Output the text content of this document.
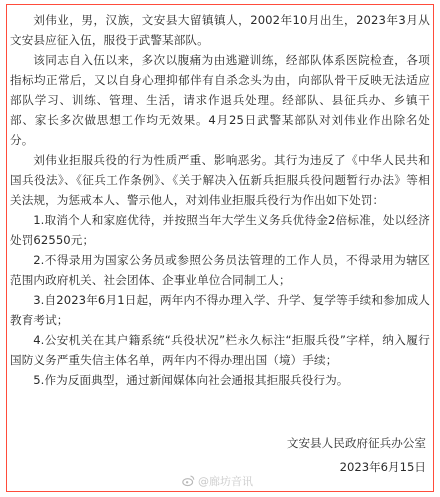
刘伟业，男，汉族，文安县大留镇镇人，2002年10月出生，2023年3月从文安县应征入伍，服役于武警某部队。

该同志自入伍以来，多次以腹痛为由逃避训练，经部队体系医院检查，各项指标均正常后，又以自身心理抑郁伴有自杀念头为由，向部队骨干反映无法适应部队学习、训练、管理、生活，请求作退兵处理。经部队、县征兵办、乡镇干部、家长多次做思想工作均无效果。4月25日武警某部队对刘伟业作出除名处分。

刘伟业拒服兵役的行为性质严重、影响恶劣。其行为违反了《中华人民共和国兵役法》、《征兵工作条例》、《关于解决入伍新兵拒服兵役问题暂行办法》等相关法规，为惩戒本人、警示他人，对刘伟业拒服兵役行为作出如下处罚：

1.取消个人和家庭优待，并按照当年大学生义务兵优待金2倍标准，处以经济处罚62550元；

2.不得录用为国家公务员或参照公务员法管理的工作人员，不得录用为辖区范围内政府机关、社会团体、企事业单位合同制工人；

3.自2023年6月1日起，两年内不得办理入学、升学、复学等手续和参加成人教育考试；

4.公安机关在其户籍系统“兵役状况”栏永久标注“拒服兵役”字样，纳入履行国防义务严重失信主体名单，两年内不得办理出国（境）手续；

5.作为反面典型，通过新闻媒体向社会通报其拒服兵役行为。

文安县人民政府征兵办公室
2023年6月15日
@廊坊音讯
